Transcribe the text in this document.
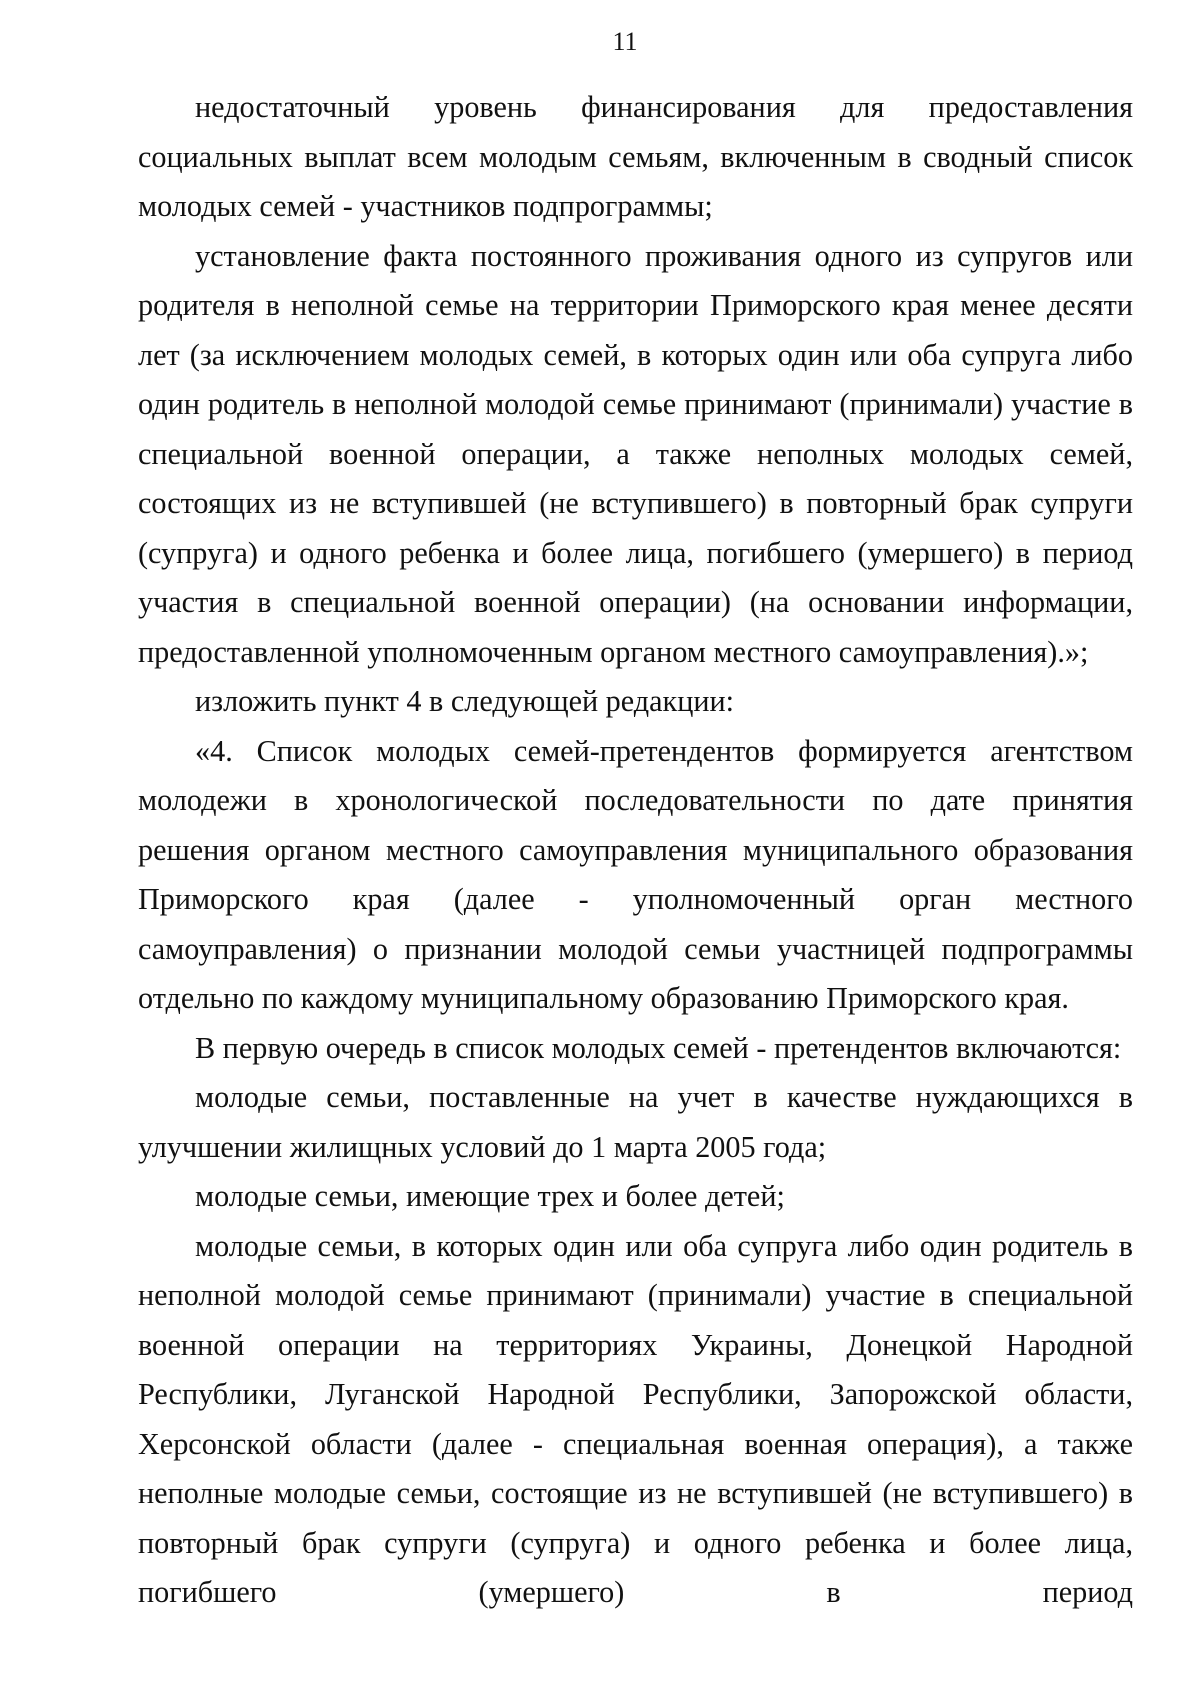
11

недостаточный уровень финансирования для предоставления социальных выплат всем молодым семьям, включенным в сводный список молодых семей - участников подпрограммы;

установление факта постоянного проживания одного из супругов или родителя в неполной семье на территории Приморского края менее десяти лет (за исключением молодых семей, в которых один или оба супруга либо один родитель в неполной молодой семье принимают (принимали) участие в специальной военной операции, а также неполных молодых семей, состоящих из не вступившей (не вступившего) в повторный брак супруги (супруга) и одного ребенка и более лица, погибшего (умершего) в период участия в специальной военной операции) (на основании информации, предоставленной уполномоченным органом местного самоуправления).»;

изложить пункт 4 в следующей редакции:

«4. Список молодых семей-претендентов формируется агентством молодежи в хронологической последовательности по дате принятия решения органом местного самоуправления муниципального образования Приморского края (далее - уполномоченный орган местного самоуправления) о признании молодой семьи участницей подпрограммы отдельно по каждому муниципальному образованию Приморского края.

В первую очередь в список молодых семей - претендентов включаются:

молодые семьи, поставленные на учет в качестве нуждающихся в улучшении жилищных условий до 1 марта 2005 года;

молодые семьи, имеющие трех и более детей;

молодые семьи, в которых один или оба супруга либо один родитель в неполной молодой семье принимают (принимали) участие в специальной военной операции на территориях Украины, Донецкой Народной Республики, Луганской Народной Республики, Запорожской области, Херсонской области (далее - специальная военная операция), а также неполные молодые семьи, состоящие из не вступившей (не вступившего) в повторный брак супруги (супруга) и одного ребенка и более лица, погибшего (умершего) в период
